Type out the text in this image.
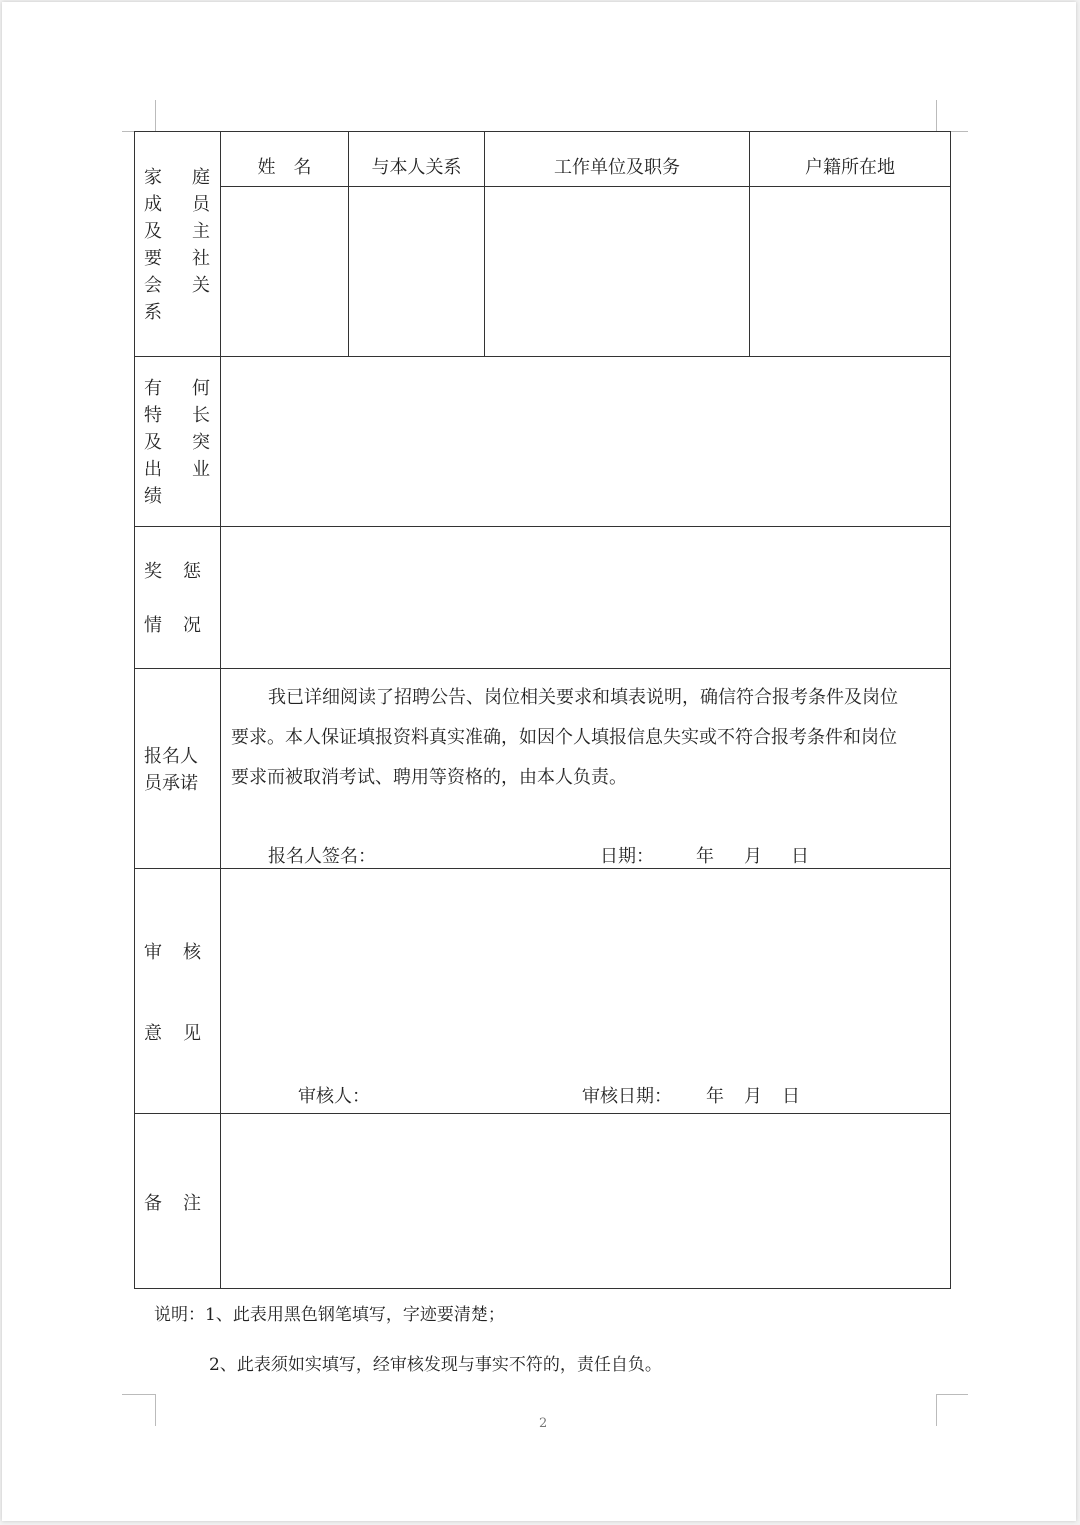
家 庭
成 员
及 主
要 社
会 关
系
姓　名	与本人关系	工作单位及职务	户籍所在地
有 何
特 长
及 突
出 业
绩
奖 惩
情 况
报名人
员承诺
我已详细阅读了招聘公告、岗位相关要求和填表说明，确信符合报考条件及岗位
要求。本人保证填报资料真实准确，如因个人填报信息失实或不符合报考条件和岗位
要求而被取消考试、聘用等资格的，由本人负责。
报名人签名：	日期： 年 月 日
审 核
意 见
审核人：	审核日期： 年 月 日
备 注
说明：1、此表用黑色钢笔填写，字迹要清楚；
2、此表须如实填写，经审核发现与事实不符的，责任自负。
2
